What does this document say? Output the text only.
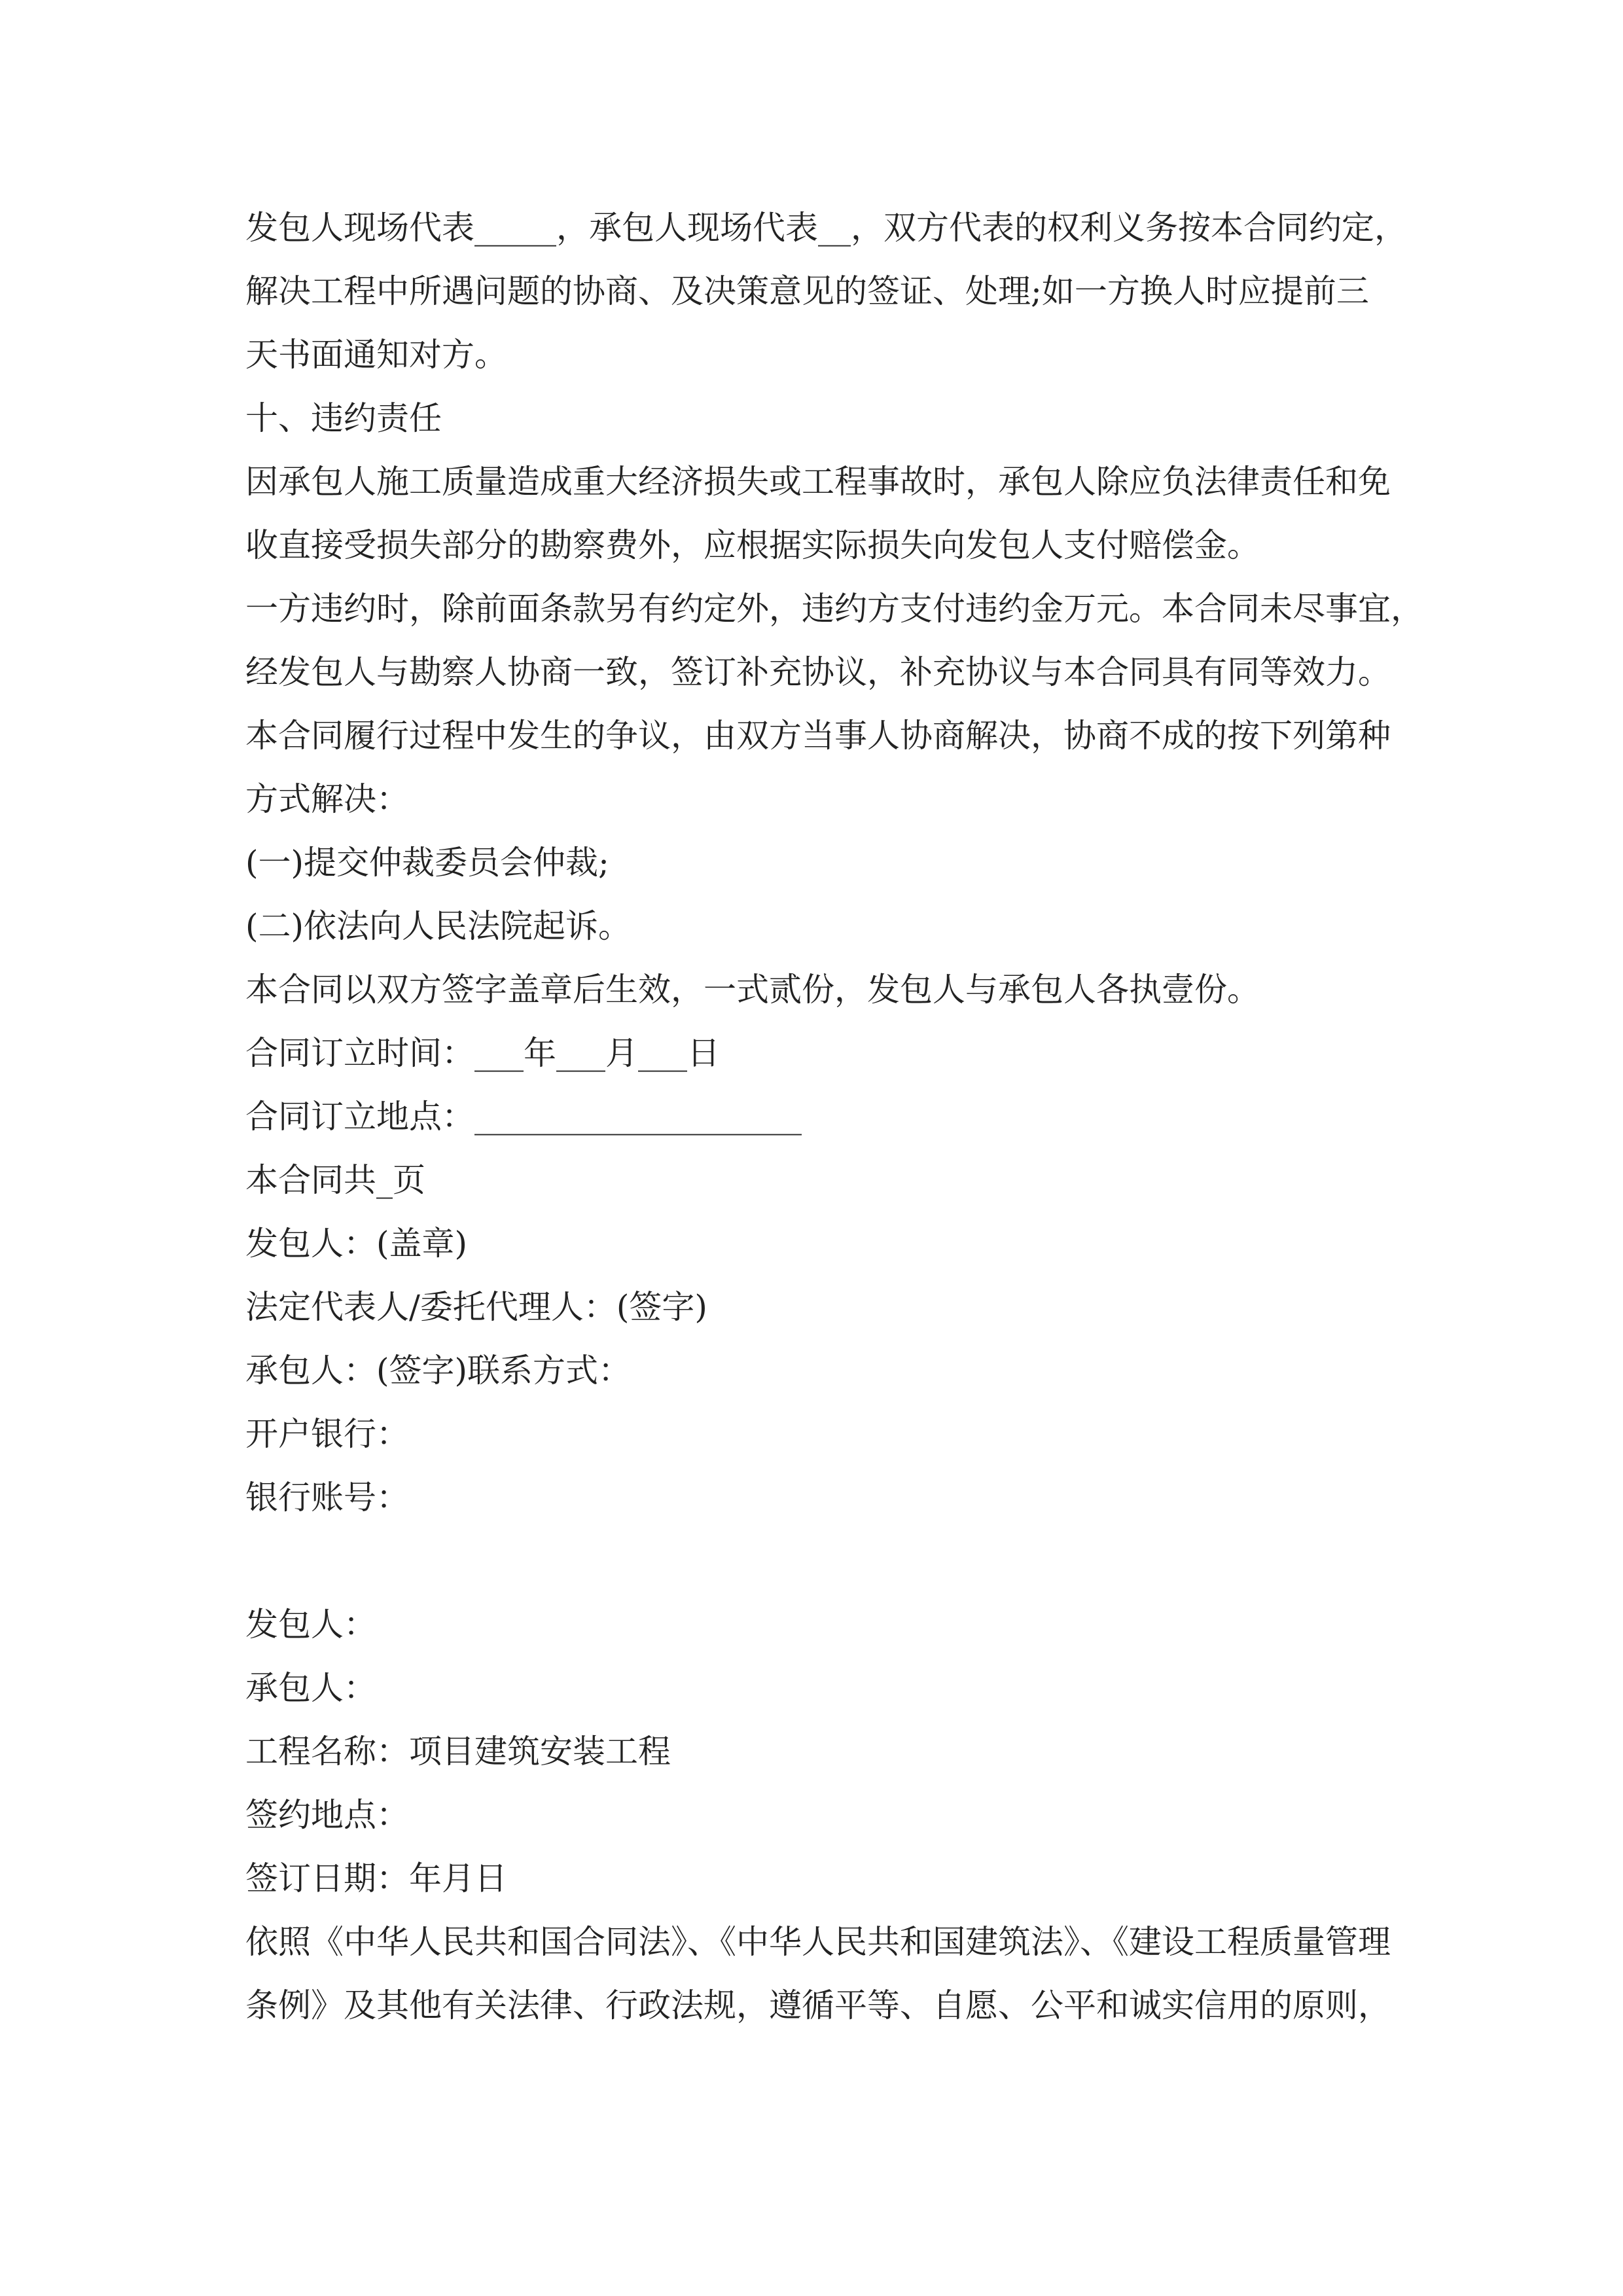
发包人现场代表_____，承包人现场代表__，双方代表的权利义务按本合同约定，
解决工程中所遇问题的协商、及决策意见的签证、处理;如一方换人时应提前三
天书面通知对方。
十、违约责任
因承包人施工质量造成重大经济损失或工程事故时，承包人除应负法律责任和免
收直接受损失部分的勘察费外，应根据实际损失向发包人支付赔偿金。
一方违约时，除前面条款另有约定外，违约方支付违约金万元。本合同未尽事宜，
经发包人与勘察人协商一致，签订补充协议，补充协议与本合同具有同等效力。
本合同履行过程中发生的争议，由双方当事人协商解决，协商不成的按下列第种
方式解决：
(一)提交仲裁委员会仲裁;
(二)依法向人民法院起诉。
本合同以双方签字盖章后生效，一式贰份，发包人与承包人各执壹份。
合同订立时间：___年___月___日
合同订立地点：____________________
本合同共_页
发包人：(盖章)
法定代表人/委托代理人：(签字)
承包人：(签字)联系方式：
开户银行：
银行账号：
发包人：
承包人：
工程名称：项目建筑安装工程
签约地点：
签订日期：年月日
依照《中华人民共和国合同法》、《中华人民共和国建筑法》、《建设工程质量管理
条例》及其他有关法律、行政法规，遵循平等、自愿、公平和诚实信用的原则，
